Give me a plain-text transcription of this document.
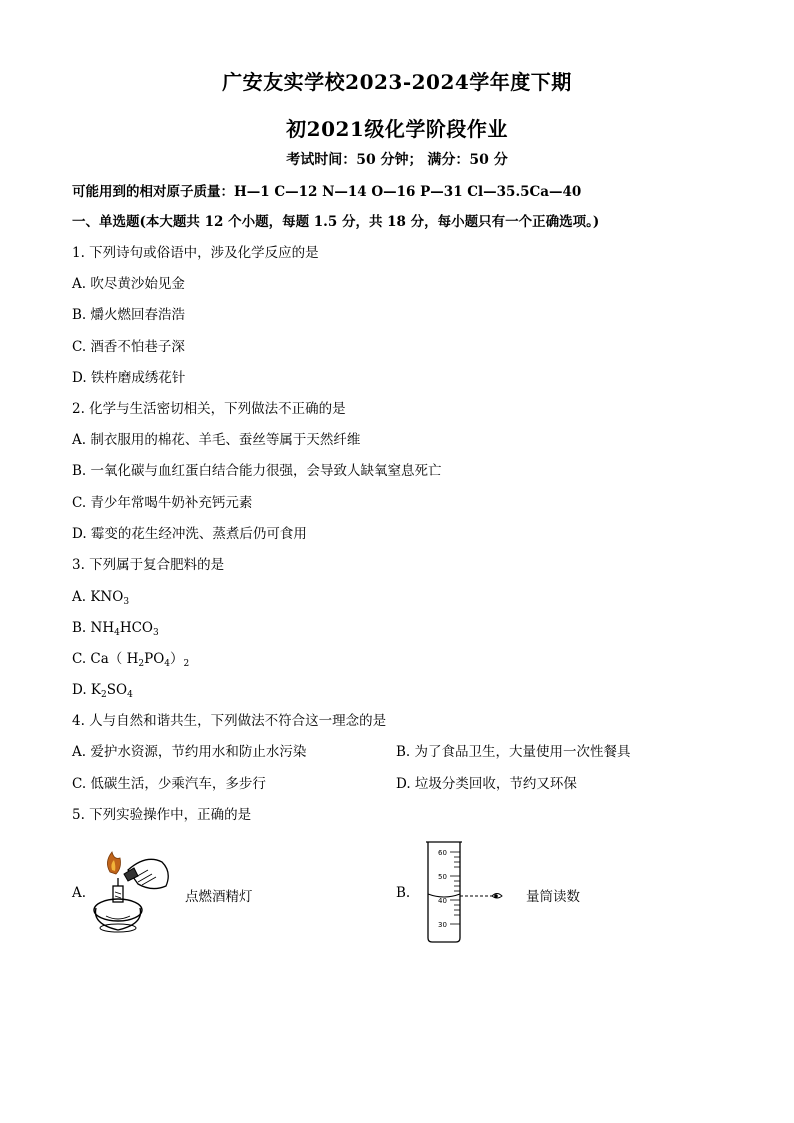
广安友实学校2023-2024学年度下期
初2021级化学阶段作业
考试时间：50 分钟； 满分：50 分
可能用到的相对原子质量：H—1 C—12 N—14 O—16 P—31 Cl—35.5Ca—40
一、单选题(本大题共 12 个小题，每题 1.5 分，共 18 分，每小题只有一个正确选项。)
1. 下列诗句或俗语中，涉及化学反应的是
A. 吹尽黄沙始见金
B. 爝火燃回春浩浩
C. 酒香不怕巷子深
D. 铁杵磨成绣花针
2. 化学与生活密切相关，下列做法不正确的是
A. 制衣服用的棉花、羊毛、蚕丝等属于天然纤维
B. 一氧化碳与血红蛋白结合能力很强，会导致人缺氧窒息死亡
C. 青少年常喝牛奶补充钙元素
D. 霉变的花生经冲洗、蒸煮后仍可食用
3. 下列属于复合肥料的是
A. $KNO_3$
B. $NH_4HCO_3$
C. Ca（ $H_2PO_4)_2$
D. $K_2SO_4$
4. 人与自然和谐共生，下列做法不符合这一理念的是
A. 爱护水资源，节约用水和防止水污染	B. 为了食品卫生，大量使用一次性餐具
C. 低碳生活，少乘汽车，多步行	D. 垃圾分类回收，节约又环保
5. 下列实验操作中，正确的是
A.	点燃酒精灯	B.
60
50
40
30
量筒读数
